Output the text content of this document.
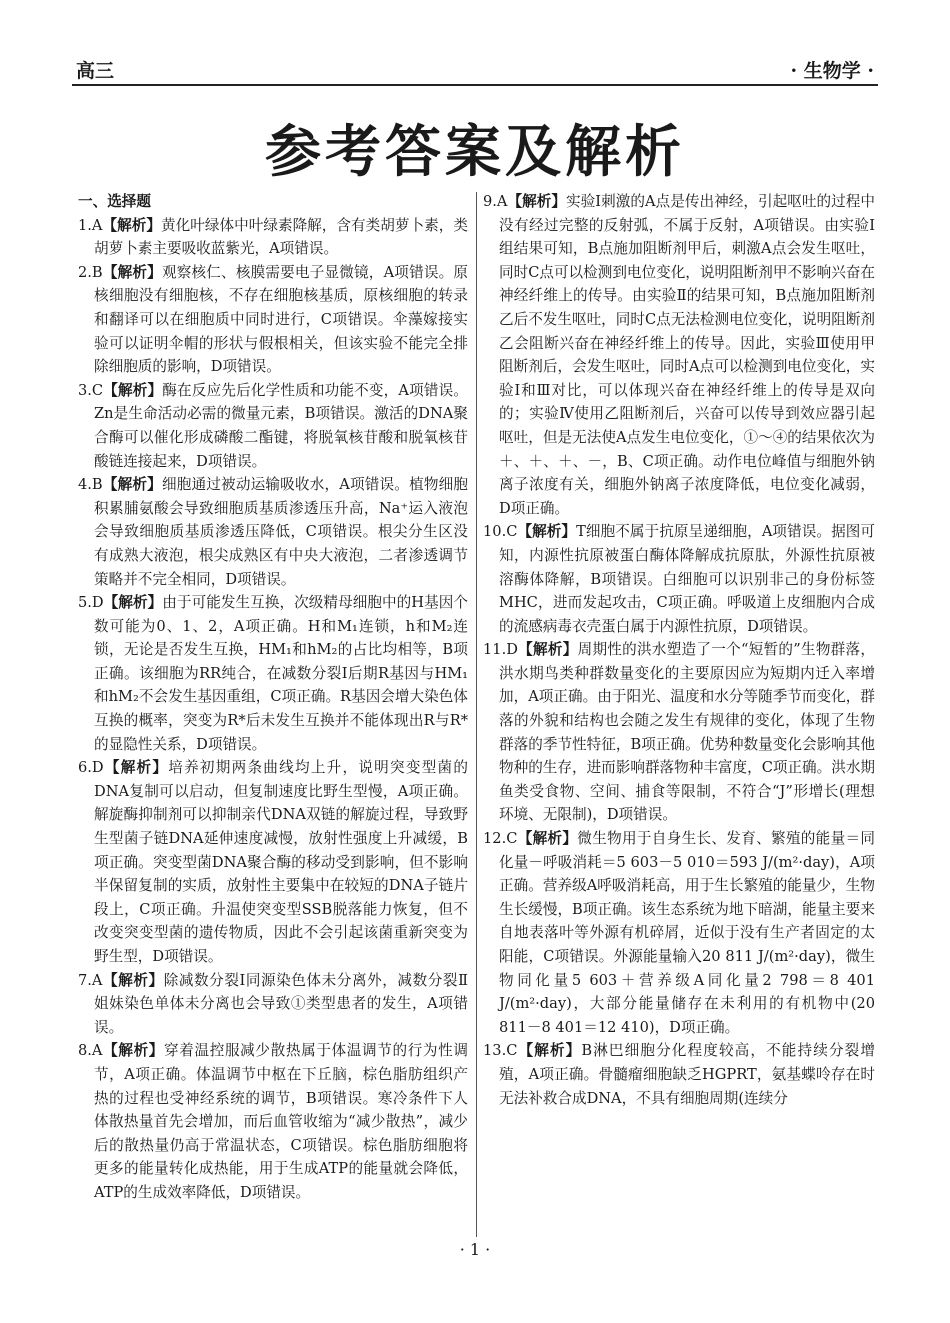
高三	· 生物学 ·
参考答案及解析

一、选择题

1.A【解析】黄化叶绿体中叶绿素降解，含有类胡萝卜素，类胡萝卜素主要吸收蓝紫光，A项错误。

2.B【解析】观察核仁、核膜需要电子显微镜，A项错误。原核细胞没有细胞核，不存在细胞核基质，原核细胞的转录和翻译可以在细胞质中同时进行，C项错误。伞藻嫁接实验可以证明伞帽的形状与假根相关，但该实验不能完全排除细胞质的影响，D项错误。

3.C【解析】酶在反应先后化学性质和功能不变，A项错误。Zn是生命活动必需的微量元素，B项错误。激活的DNA聚合酶可以催化形成磷酸二酯键，将脱氧核苷酸和脱氧核苷酸链连接起来，D项错误。

4.B【解析】细胞通过被动运输吸收水，A项错误。植物细胞积累脯氨酸会导致细胞质基质渗透压升高，Na⁺运入液泡会导致细胞质基质渗透压降低，C项错误。根尖分生区没有成熟大液泡，根尖成熟区有中央大液泡，二者渗透调节策略并不完全相同，D项错误。

5.D【解析】由于可能发生互换，次级精母细胞中的H基因个数可能为0、1、2，A项正确。H和M₁连锁，h和M₂连锁，无论是否发生互换，HM₁和hM₂的占比均相等，B项正确。该细胞为RR纯合，在减数分裂Ⅰ后期R基因与HM₁和hM₂不会发生基因重组，C项正确。R基因会增大染色体互换的概率，突变为R*后未发生互换并不能体现出R与R*的显隐性关系，D项错误。

6.D【解析】培养初期两条曲线均上升，说明突变型菌的DNA复制可以启动，但复制速度比野生型慢，A项正确。解旋酶抑制剂可以抑制亲代DNA双链的解旋过程，导致野生型菌子链DNA延伸速度减慢，放射性强度上升减缓，B项正确。突变型菌DNA聚合酶的移动受到影响，但不影响半保留复制的实质，放射性主要集中在较短的DNA子链片段上，C项正确。升温使突变型SSB脱落能力恢复，但不改变突变型菌的遗传物质，因此不会引起该菌重新突变为野生型，D项错误。

7.A【解析】除减数分裂Ⅰ同源染色体未分离外，减数分裂Ⅱ姐妹染色单体未分离也会导致①类型患者的发生，A项错误。

8.A【解析】穿着温控服减少散热属于体温调节的行为性调节，A项正确。体温调节中枢在下丘脑，棕色脂肪组织产热的过程也受神经系统的调节，B项错误。寒冷条件下人体散热量首先会增加，而后血管收缩为“减少散热”，减少后的散热量仍高于常温状态，C项错误。棕色脂肪细胞将更多的能量转化成热能，用于生成ATP的能量就会降低，ATP的生成效率降低，D项错误。

9.A【解析】实验Ⅰ刺激的A点是传出神经，引起呕吐的过程中没有经过完整的反射弧，不属于反射，A项错误。由实验Ⅰ组结果可知，B点施加阻断剂甲后，刺激A点会发生呕吐，同时C点可以检测到电位变化，说明阻断剂甲不影响兴奋在神经纤维上的传导。由实验Ⅱ的结果可知，B点施加阻断剂乙后不发生呕吐，同时C点无法检测电位变化，说明阻断剂乙会阻断兴奋在神经纤维上的传导。因此，实验Ⅲ使用甲阻断剂后，会发生呕吐，同时A点可以检测到电位变化，实验Ⅰ和Ⅲ对比，可以体现兴奋在神经纤维上的传导是双向的；实验Ⅳ使用乙阻断剂后，兴奋可以传导到效应器引起呕吐，但是无法使A点发生电位变化，①～④的结果依次为＋、＋、＋、－，B、C项正确。动作电位峰值与细胞外钠离子浓度有关，细胞外钠离子浓度降低，电位变化减弱，D项正确。

10.C【解析】T细胞不属于抗原呈递细胞，A项错误。据图可知，内源性抗原被蛋白酶体降解成抗原肽，外源性抗原被溶酶体降解，B项错误。白细胞可以识别非己的身份标签MHC，进而发起攻击，C项正确。呼吸道上皮细胞内合成的流感病毒衣壳蛋白属于内源性抗原，D项错误。

11.D【解析】周期性的洪水塑造了一个“短暂的”生物群落，洪水期鸟类种群数量变化的主要原因应为短期内迁入率增加，A项正确。由于阳光、温度和水分等随季节而变化，群落的外貌和结构也会随之发生有规律的变化，体现了生物群落的季节性特征，B项正确。优势种数量变化会影响其他物种的生存，进而影响群落物种丰富度，C项正确。洪水期鱼类受食物、空间、捕食等限制，不符合“J”形增长(理想环境、无限制)，D项错误。

12.C【解析】微生物用于自身生长、发育、繁殖的能量＝同化量－呼吸消耗＝5 603－5 010＝593 J/(m²·day)，A项正确。营养级A呼吸消耗高，用于生长繁殖的能量少，生物生长缓慢，B项正确。该生态系统为地下暗湖，能量主要来自地表落叶等外源有机碎屑，近似于没有生产者固定的太阳能，C项错误。外源能量输入20 811 J/(m²·day)，微生物同化量5 603＋营养级A同化量2 798＝8 401 J/(m²·day)，大部分能量储存在未利用的有机物中(20 811－8 401＝12 410)，D项正确。

13.C【解析】B淋巴细胞分化程度较高，不能持续分裂增殖，A项正确。骨髓瘤细胞缺乏HGPRT，氨基蝶呤存在时无法补救合成DNA，不具有细胞周期(连续分

· 1 ·
